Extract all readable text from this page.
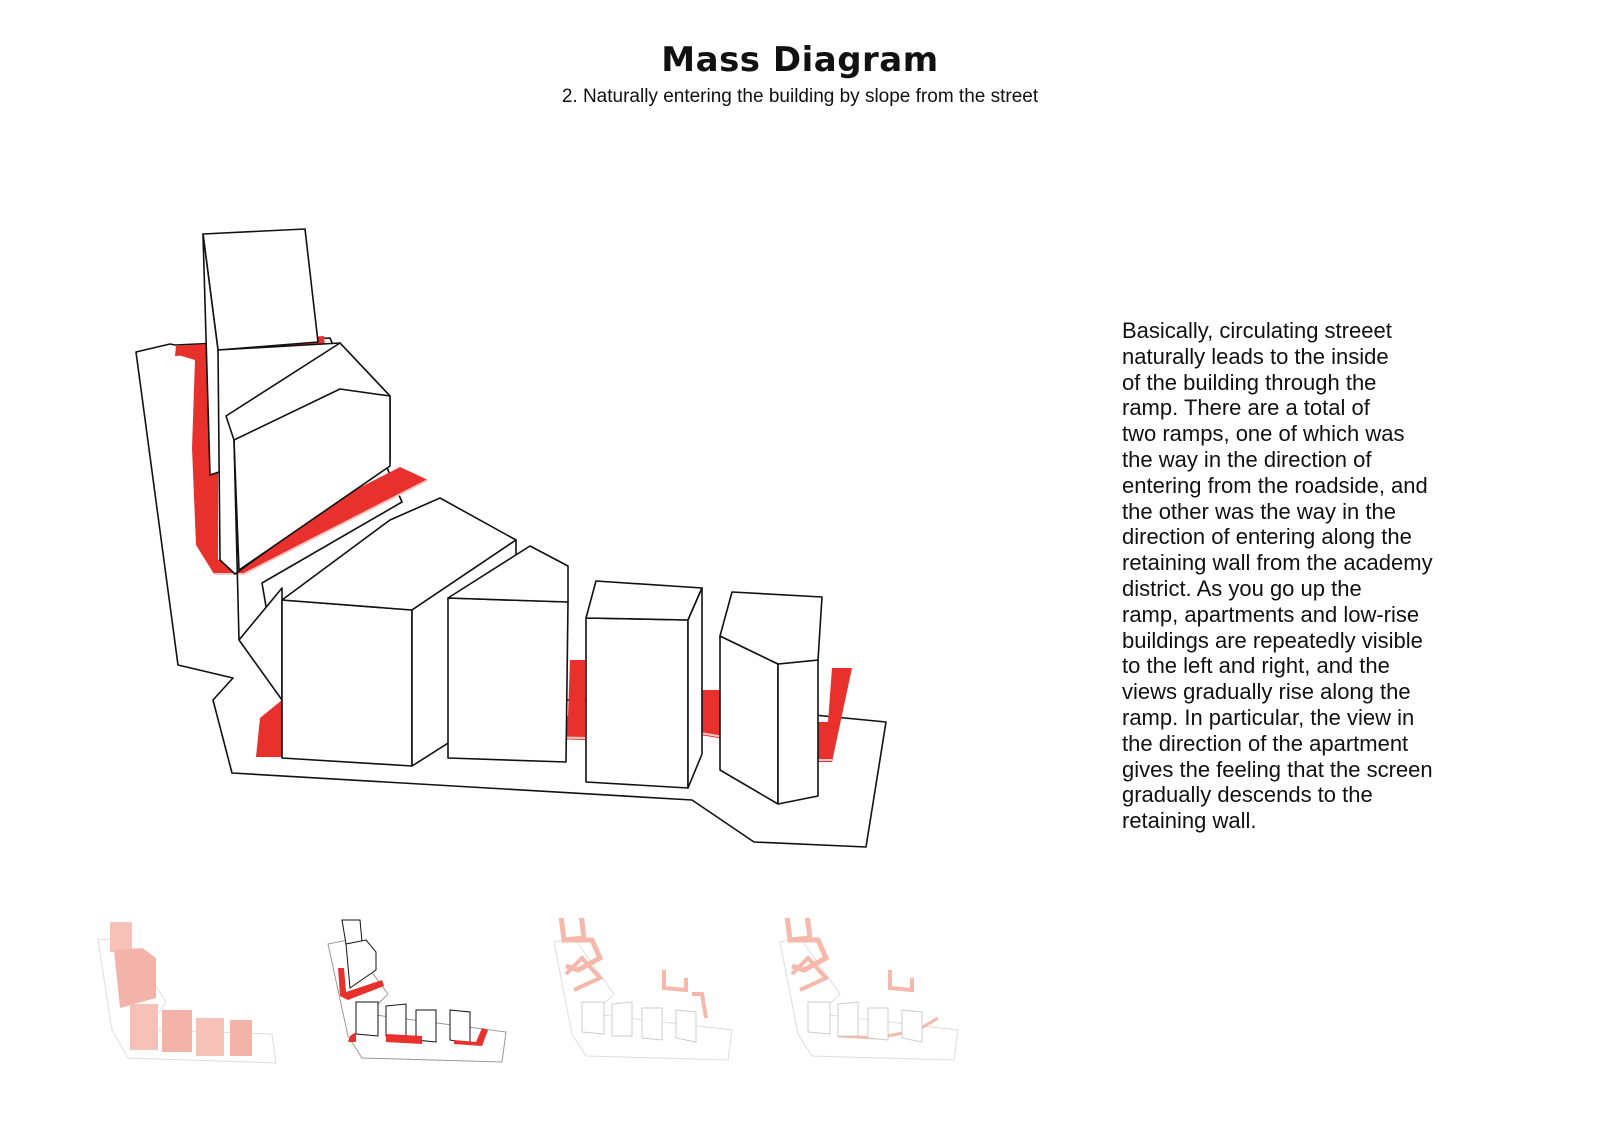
Mass Diagram
2. Naturally entering the building by slope from the street
Basically, circulating streeet
naturally leads to the inside
of the building through the
ramp. There are a total of
two ramps, one of which was
the way in the direction of
entering from the roadside, and
the other was the way in the
direction of entering along the
retaining wall from the academy
district. As you go up the
ramp, apartments and low-rise
buildings are repeatedly visible
to the left and right, and the
views gradually rise along the
ramp. In particular, the view in
the direction of the apartment
gives the feeling that the screen
gradually descends to the
retaining wall.
